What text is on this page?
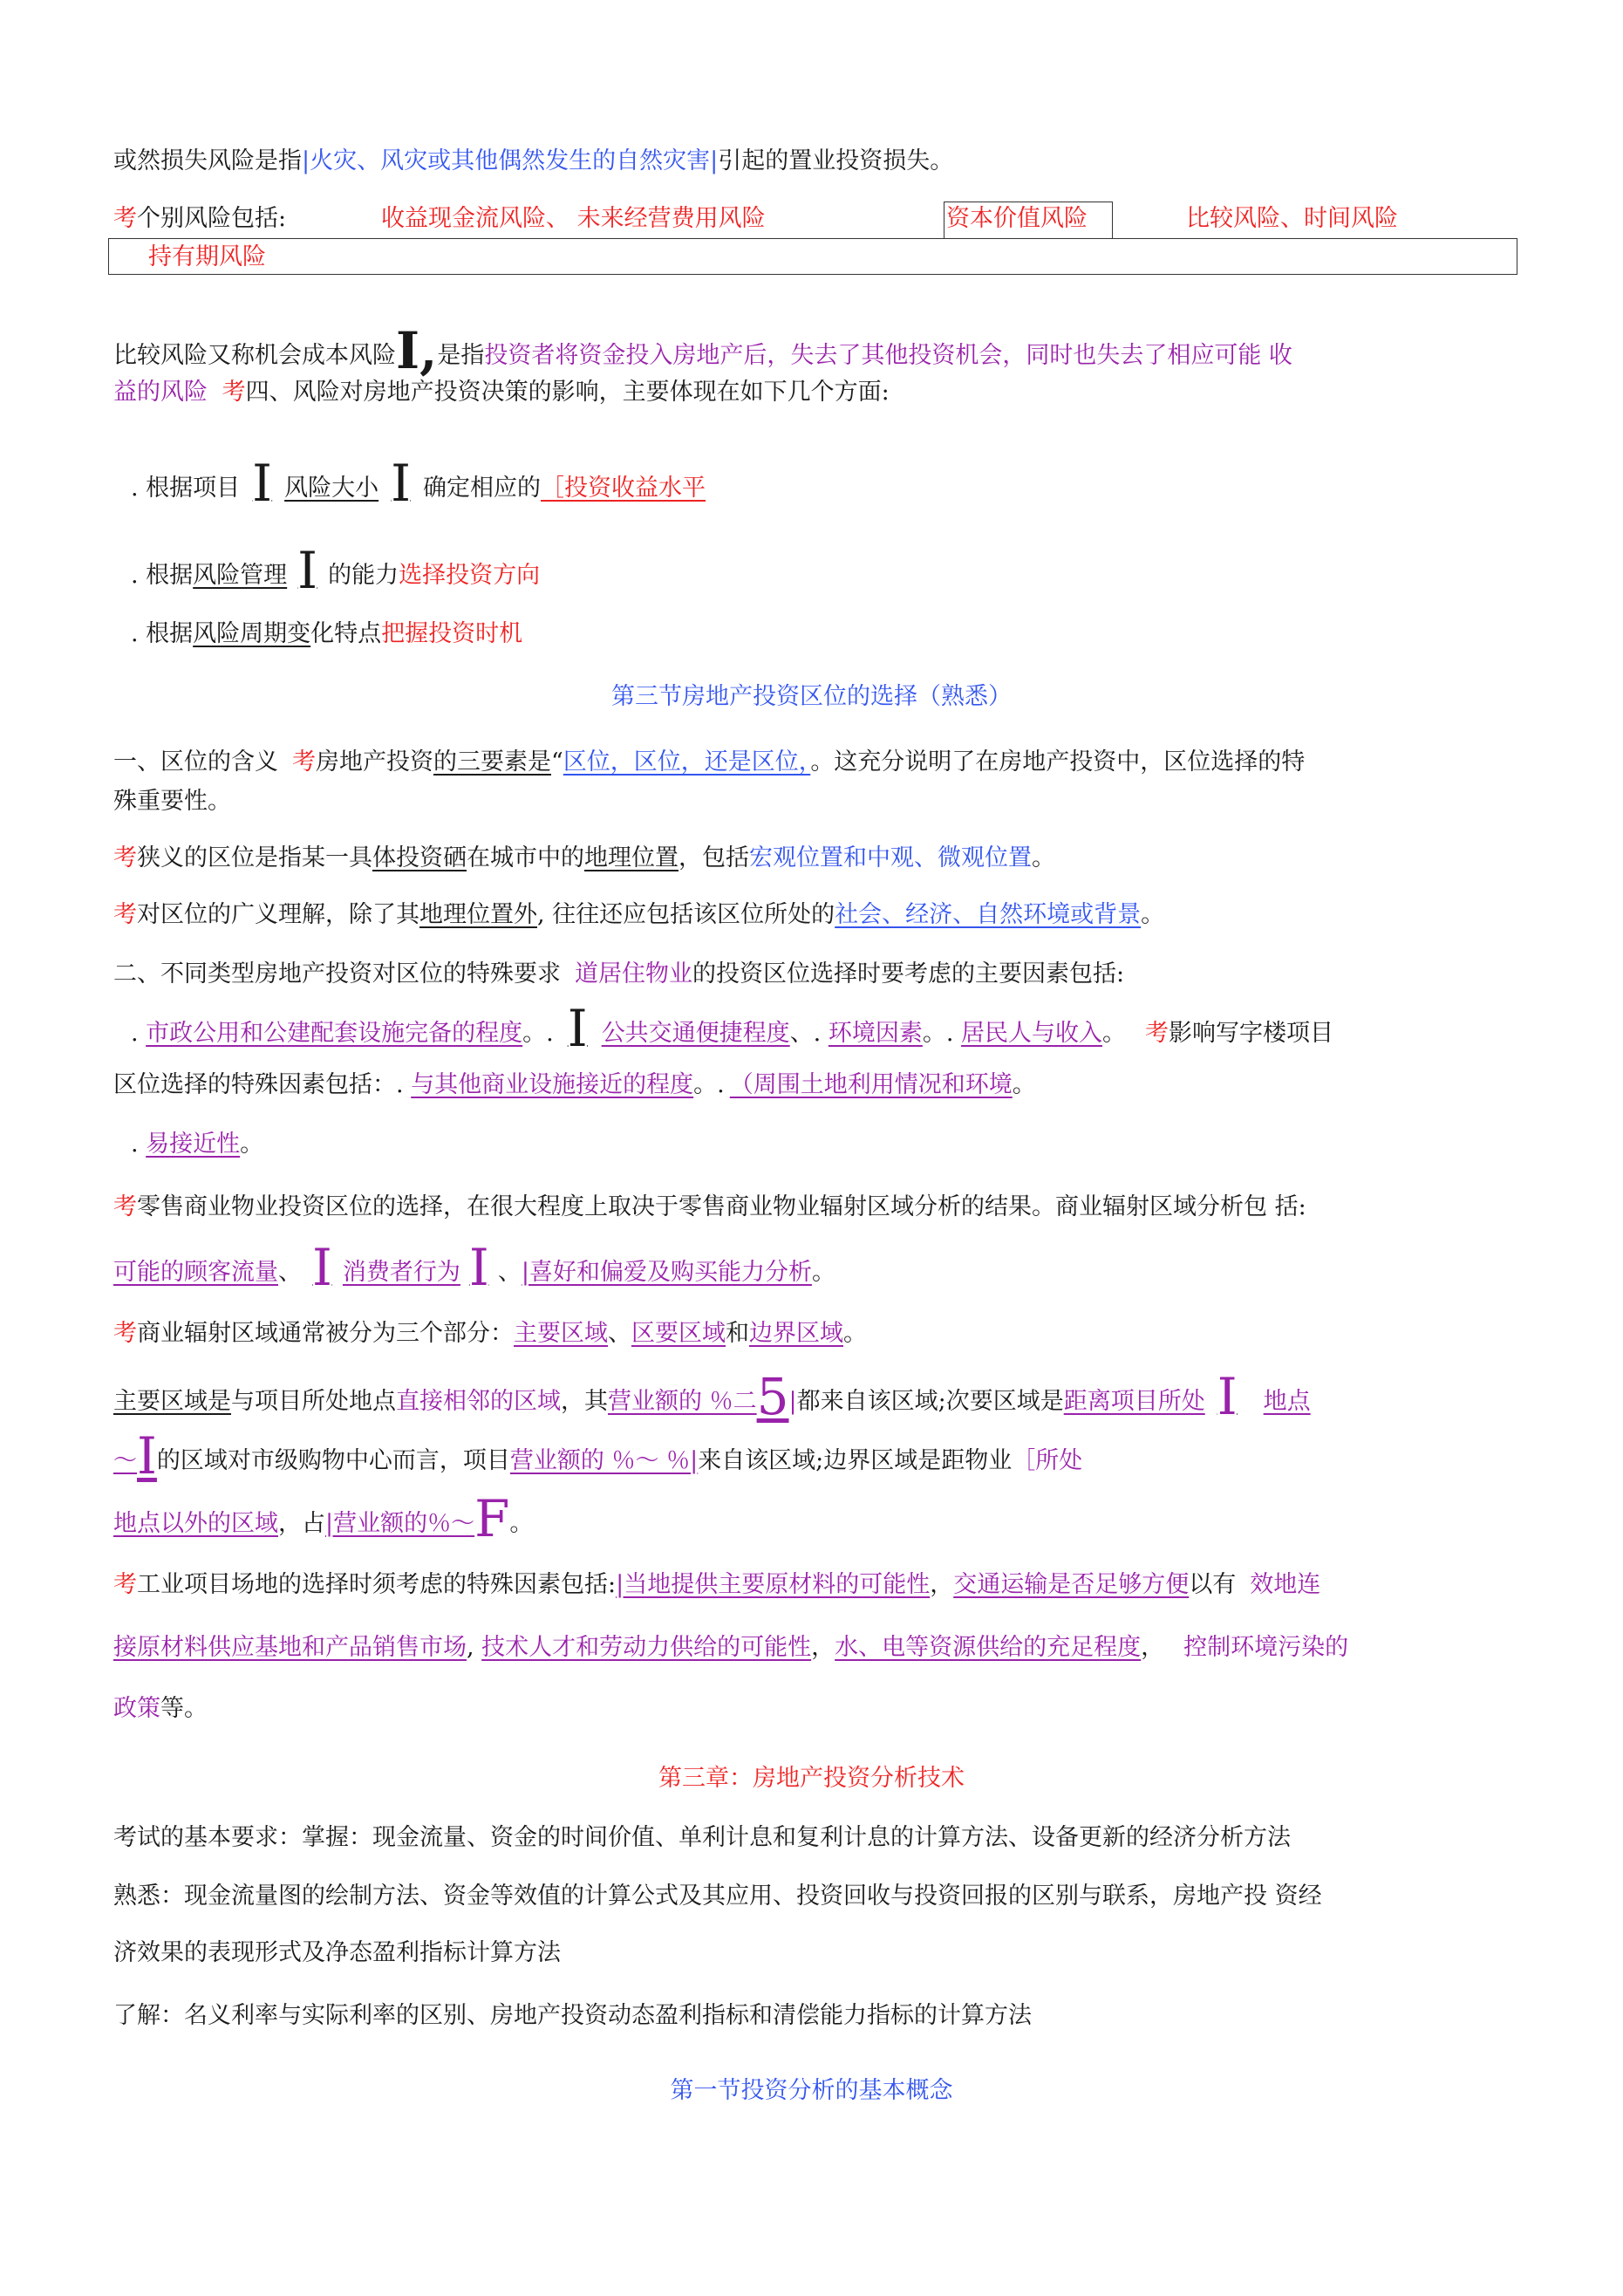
或然损失风险是指|火灾、风灾或其他偶然发生的自然灾害|引起的置业投资损失。
考个别风险包括:	收益现金流风险、 未来经营费用风险	资本价值风险	比较风险、时间风险
持有期风险
比较风险又称机会成本风险I,是指投资者将资金投入房地产后，失去了其他投资机会，同时也失去了相应可能 收
益的风险 考四、风险对房地产投资决策的影响，主要体现在如下几个方面:
. 根据项目 I 风险大小 I 确定相应的［投资收益水平
. 根据风险管理 I 的能力选择投资方向
. 根据风险周期变化特点把握投资时机
第三节房地产投资区位的选择（熟悉）
一、区位的含义 考房地产投资的三要素是“区位，区位，还是区位，。这充分说明了在房地产投资中，区位选择的特
殊重要性。
考狭义的区位是指某一具体投资硒在城市中的地理位置，包括宏观位置和中观、微观位置。
考对区位的广义理解，除了其地理位置外, 往往还应包括该区位所处的社会、经济、自然环境或背景。
二、不同类型房地产投资对区位的特殊要求 道居住物业的投资区位选择时要考虑的主要因素包括:
. 市政公用和公建配套设施完备的程度。. I 公共交通便捷程度、. 环境因素。. 居民人与收入。 考影响写字楼项目
区位选择的特殊因素包括：. 与其他商业设施接近的程度。. （周围土地利用情况和环境。
. 易接近性。
考零售商业物业投资区位的选择，在很大程度上取决于零售商业物业辐射区域分析的结果。商业辐射区域分析包 括:
可能的顾客流量、 I 消费者行为 I 、|喜好和偏爱及购买能力分析。
考商业辐射区域通常被分为三个部分：主要区域、区要区域和边界区域。
主要区域是与项目所处地点直接相邻的区域，其营业额的 ％二5|都来自该区域;次要区域是距离项目所处 I 地点
〜I的区域对市级购物中心而言，项目营业额的 ％〜 ％|来自该区域;边界区域是距物业［所处
地点以外的区域，占|营业额的％〜F。
考工业项目场地的选择时须考虑的特殊因素包括:|当地提供主要原材料的可能性，交通运输是否足够方便以有 效地连
接原材料供应基地和产品销售市场, 技术人才和劳动力供给的可能性，水、电等资源供给的充足程度， 控制环境污染的
政策等。
第三章：房地产投资分析技术
考试的基本要求：掌握：现金流量、资金的时间价值、单利计息和复利计息的计算方法、设备更新的经济分析方法
熟悉：现金流量图的绘制方法、资金等效值的计算公式及其应用、投资回收与投资回报的区别与联系，房地产投 资经
济效果的表现形式及净态盈利指标计算方法
了解：名义利率与实际利率的区别、房地产投资动态盈利指标和清偿能力指标的计算方法
第一节投资分析的基本概念
